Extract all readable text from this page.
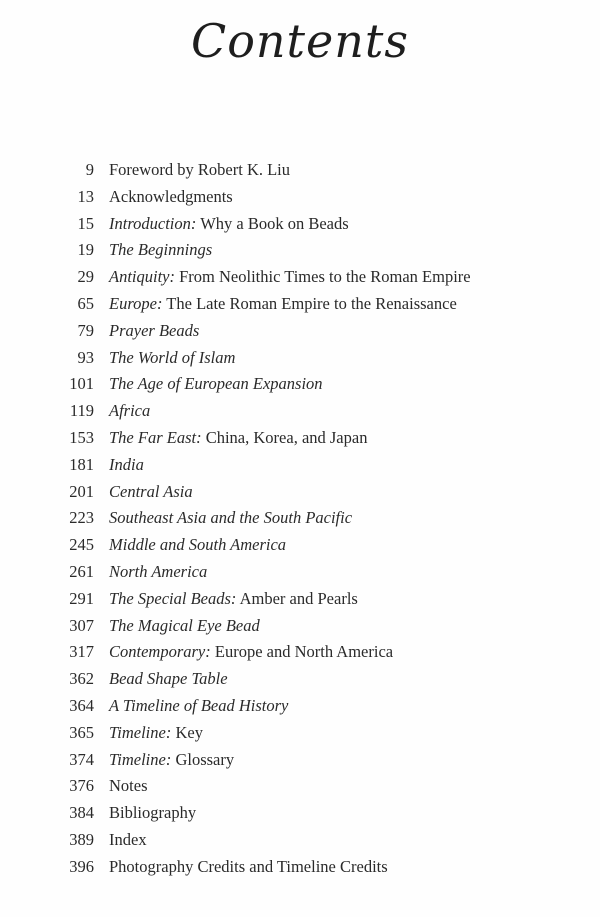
Contents
9 Foreword by Robert K. Liu
13 Acknowledgments
15 Introduction: Why a Book on Beads
19 The Beginnings
29 Antiquity: From Neolithic Times to the Roman Empire
65 Europe: The Late Roman Empire to the Renaissance
79 Prayer Beads
93 The World of Islam
101 The Age of European Expansion
119 Africa
153 The Far East: China, Korea, and Japan
181 India
201 Central Asia
223 Southeast Asia and the South Pacific
245 Middle and South America
261 North America
291 The Special Beads: Amber and Pearls
307 The Magical Eye Bead
317 Contemporary: Europe and North America
362 Bead Shape Table
364 A Timeline of Bead History
365 Timeline: Key
374 Timeline: Glossary
376 Notes
384 Bibliography
389 Index
396 Photography Credits and Timeline Credits
